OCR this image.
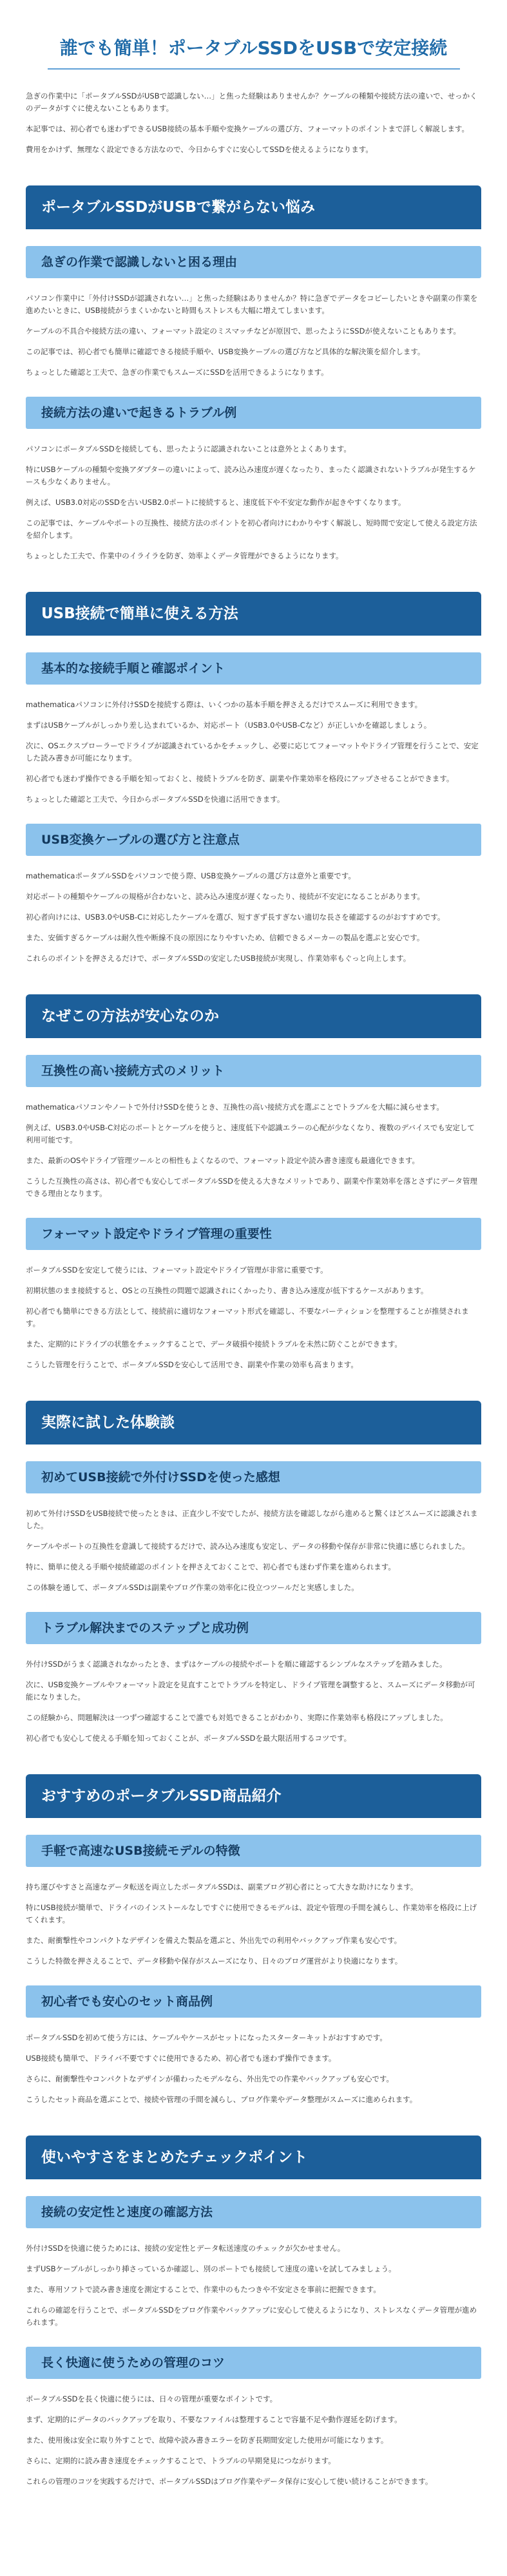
誰でも簡単！ポータブルSSDをUSBで安定接続

急ぎの作業中に「ポータブルSSDがUSBで認識しない…」と焦った経験はありませんか？ケーブルの種類や接続方法の違いで、せっかくのデータがすぐに使えないこともあります。

本記事では、初心者でも迷わずできるUSB接続の基本手順や変換ケーブルの選び方、フォーマットのポイントまで詳しく解説します。

費用をかけず、無理なく設定できる方法なので、今日からすぐに安心してSSDを使えるようになります。

ポータブルSSDがUSBで繋がらない悩み
急ぎの作業で認識しないと困る理由

パソコン作業中に「外付けSSDが認識されない…」と焦った経験はありませんか？特に急ぎでデータをコピーしたいときや副業の作業を進めたいときに、USB接続がうまくいかないと時間もストレスも大幅に増えてしまいます。

ケーブルの不具合や接続方法の違い、フォーマット設定のミスマッチなどが原因で、思ったようにSSDが使えないこともあります。

この記事では、初心者でも簡単に確認できる接続手順や、USB変換ケーブルの選び方など具体的な解決策を紹介します。

ちょっとした確認と工夫で、急ぎの作業でもスムーズにSSDを活用できるようになります。

接続方法の違いで起きるトラブル例

パソコンにポータブルSSDを接続しても、思ったように認識されないことは意外とよくあります。

特にUSBケーブルの種類や変換アダプターの違いによって、読み込み速度が遅くなったり、まったく認識されないトラブルが発生するケースも少なくありません。

例えば、USB3.0対応のSSDを古いUSB2.0ポートに接続すると、速度低下や不安定な動作が起きやすくなります。

この記事では、ケーブルやポートの互換性、接続方法のポイントを初心者向けにわかりやすく解説し、短時間で安定して使える設定方法を紹介します。

ちょっとした工夫で、作業中のイライラを防ぎ、効率よくデータ管理ができるようになります。

USB接続で簡単に使える方法
基本的な接続手順と確認ポイント

mathematicaパソコンに外付けSSDを接続する際は、いくつかの基本手順を押さえるだけでスムーズに利用できます。

まずはUSBケーブルがしっかり差し込まれているか、対応ポート（USB3.0やUSB-Cなど）が正しいかを確認しましょう。

次に、OSエクスプローラーでドライブが認識されているかをチェックし、必要に応じてフォーマットやドライブ管理を行うことで、安定した読み書きが可能になります。

初心者でも迷わず操作できる手順を知っておくと、接続トラブルを防ぎ、副業や作業効率を格段にアップさせることができます。

ちょっとした確認と工夫で、今日からポータブルSSDを快適に活用できます。

USB変換ケーブルの選び方と注意点

mathematicaポータブルSSDをパソコンで使う際、USB変換ケーブルの選び方は意外と重要です。

対応ポートの種類やケーブルの規格が合わないと、読み込み速度が遅くなったり、接続が不安定になることがあります。

初心者向けには、USB3.0やUSB-Cに対応したケーブルを選び、短すぎず長すぎない適切な長さを確認するのがおすすめです。

また、安価すぎるケーブルは耐久性や断線不良の原因になりやすいため、信頼できるメーカーの製品を選ぶと安心です。

これらのポイントを押さえるだけで、ポータブルSSDの安定したUSB接続が実現し、作業効率もぐっと向上します。

なぜこの方法が安心なのか
互換性の高い接続方式のメリット

mathematicaパソコンやノートで外付けSSDを使うとき、互換性の高い接続方式を選ぶことでトラブルを大幅に減らせます。

例えば、USB3.0やUSB-C対応のポートとケーブルを使うと、速度低下や認識エラーの心配が少なくなり、複数のデバイスでも安定して利用可能です。

また、最新のOSやドライブ管理ツールとの相性もよくなるので、フォーマット設定や読み書き速度も最適化できます。

こうした互換性の高さは、初心者でも安心してポータブルSSDを使える大きなメリットであり、副業や作業効率を落とさずにデータ管理できる理由となります。

フォーマット設定やドライブ管理の重要性

ポータブルSSDを安定して使うには、フォーマット設定やドライブ管理が非常に重要です。

初期状態のまま接続すると、OSとの互換性の問題で認識されにくかったり、書き込み速度が低下するケースがあります。

初心者でも簡単にできる方法として、接続前に適切なフォーマット形式を確認し、不要なパーティションを整理することが推奨されます。

また、定期的にドライブの状態をチェックすることで、データ破損や接続トラブルを未然に防ぐことができます。

こうした管理を行うことで、ポータブルSSDを安心して活用でき、副業や作業の効率も高まります。

実際に試した体験談
初めてUSB接続で外付けSSDを使った感想

初めて外付けSSDをUSB接続で使ったときは、正直少し不安でしたが、接続方法を確認しながら進めると驚くほどスムーズに認識されました。

ケーブルやポートの互換性を意識して接続するだけで、読み込み速度も安定し、データの移動や保存が非常に快適に感じられました。

特に、簡単に使える手順や接続確認のポイントを押さえておくことで、初心者でも迷わず作業を進められます。

この体験を通して、ポータブルSSDは副業やブログ作業の効率化に役立つツールだと実感しました。

トラブル解決までのステップと成功例

外付けSSDがうまく認識されなかったとき、まずはケーブルの接続やポートを順に確認するシンプルなステップを踏みました。

次に、USB変換ケーブルやフォーマット設定を見直すことでトラブルを特定し、ドライブ管理を調整すると、スムーズにデータ移動が可能になりました。

この経験から、問題解決は一つずつ確認することで誰でも対処できることがわかり、実際に作業効率も格段にアップしました。

初心者でも安心して使える手順を知っておくことが、ポータブルSSDを最大限活用するコツです。

おすすめのポータブルSSD商品紹介
手軽で高速なUSB接続モデルの特徴

持ち運びやすさと高速なデータ転送を両立したポータブルSSDは、副業ブログ初心者にとって大きな助けになります。

特にUSB接続が簡単で、ドライバのインストールなしですぐに使用できるモデルは、設定や管理の手間を減らし、作業効率を格段に上げてくれます。

また、耐衝撃性やコンパクトなデザインを備えた製品を選ぶと、外出先での利用やバックアップ作業も安心です。

こうした特徴を押さえることで、データ移動や保存がスムーズになり、日々のブログ運営がより快適になります。

初心者でも安心のセット商品例

ポータブルSSDを初めて使う方には、ケーブルやケースがセットになったスターターキットがおすすめです。

USB接続も簡単で、ドライバ不要ですぐに使用できるため、初心者でも迷わず操作できます。

さらに、耐衝撃性やコンパクトなデザインが備わったモデルなら、外出先での作業やバックアップも安心です。

こうしたセット商品を選ぶことで、接続や管理の手間を減らし、ブログ作業やデータ整理がスムーズに進められます。

使いやすさをまとめたチェックポイント
接続の安定性と速度の確認方法

外付けSSDを快適に使うためには、接続の安定性とデータ転送速度のチェックが欠かせません。

まずUSBケーブルがしっかり挿さっているか確認し、別のポートでも接続して速度の違いを試してみましょう。

また、専用ソフトで読み書き速度を測定することで、作業中のもたつきや不安定さを事前に把握できます。

これらの確認を行うことで、ポータブルSSDをブログ作業やバックアップに安心して使えるようになり、ストレスなくデータ管理が進められます。

長く快適に使うための管理のコツ

ポータブルSSDを長く快適に使うには、日々の管理が重要なポイントです。

まず、定期的にデータのバックアップを取り、不要なファイルは整理することで容量不足や動作遅延を防げます。

また、使用後は安全に取り外すことで、故障や読み書きエラーを防ぎ長期間安定した使用が可能になります。

さらに、定期的に読み書き速度をチェックすることで、トラブルの早期発見につながります。

これらの管理のコツを実践するだけで、ポータブルSSDはブログ作業やデータ保存に安心して使い続けることができます。
